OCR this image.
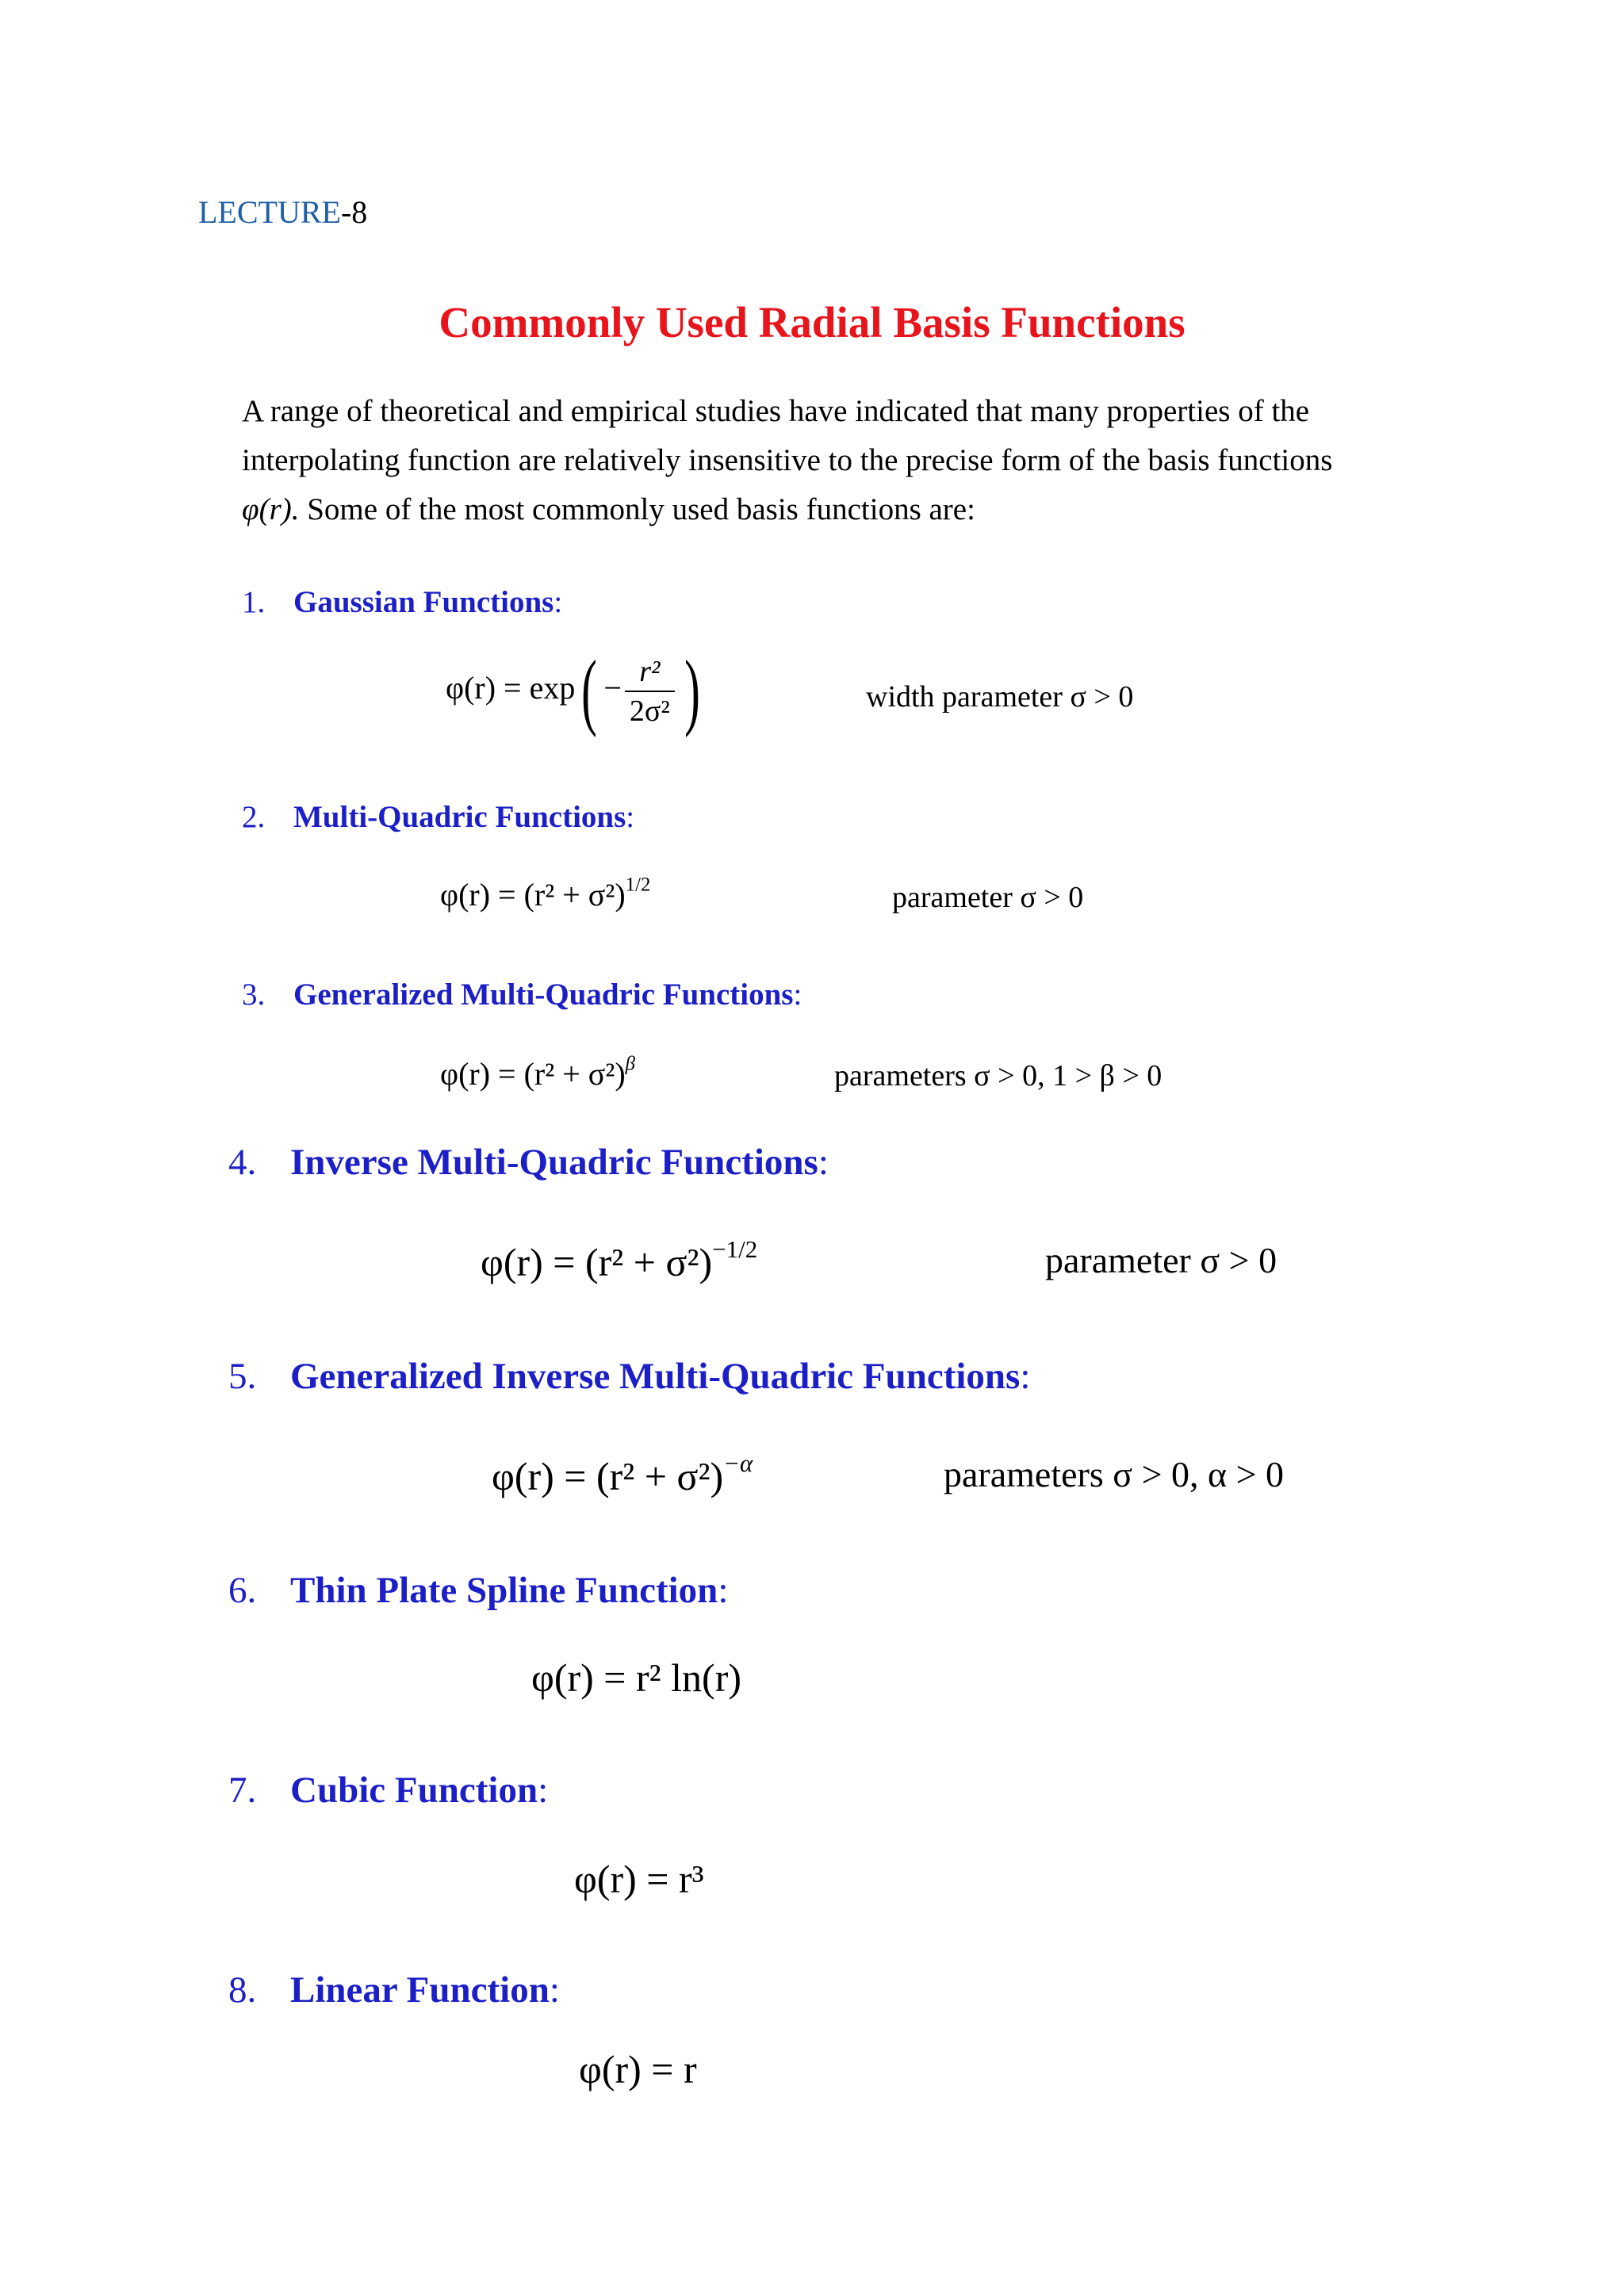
LECTURE-8
Commonly Used Radial Basis Functions

A range of theoretical and empirical studies have indicated that many properties of the

interpolating function are relatively insensitive to the precise form of the basis functions

φ(r). Some of the most commonly used basis functions are:

1. Gaussian Functions:
$\varphi(r) = \exp( - \frac{\text{r²}}{\text{2σ²}}$ )	width parameter σ > 0
2. Multi-Quadric Functions:
$\varphi(r) = (r^2 + \sigma^2)^{1/2}$	parameter σ > 0
3. Generalized Multi-Quadric Functions:
$\varphi(r) = (r^2 + \sigma^2)^\beta$	parameters σ > 0, 1 > β > 0
4. Inverse Multi-Quadric Functions:
$\varphi(r) = (r^2 + \sigma^2)^{-1/2}$	parameter σ > 0
5. Generalized Inverse Multi-Quadric Functions:
$\varphi(r) = (r^2 + \sigma^2)^{-\alpha}$	parameters σ > 0, α > 0
6. Thin Plate Spline Function:
φ(r) = r² ln(r)
7. Cubic Function:
φ(r) = r³
8. Linear Function:
φ(r) = r
